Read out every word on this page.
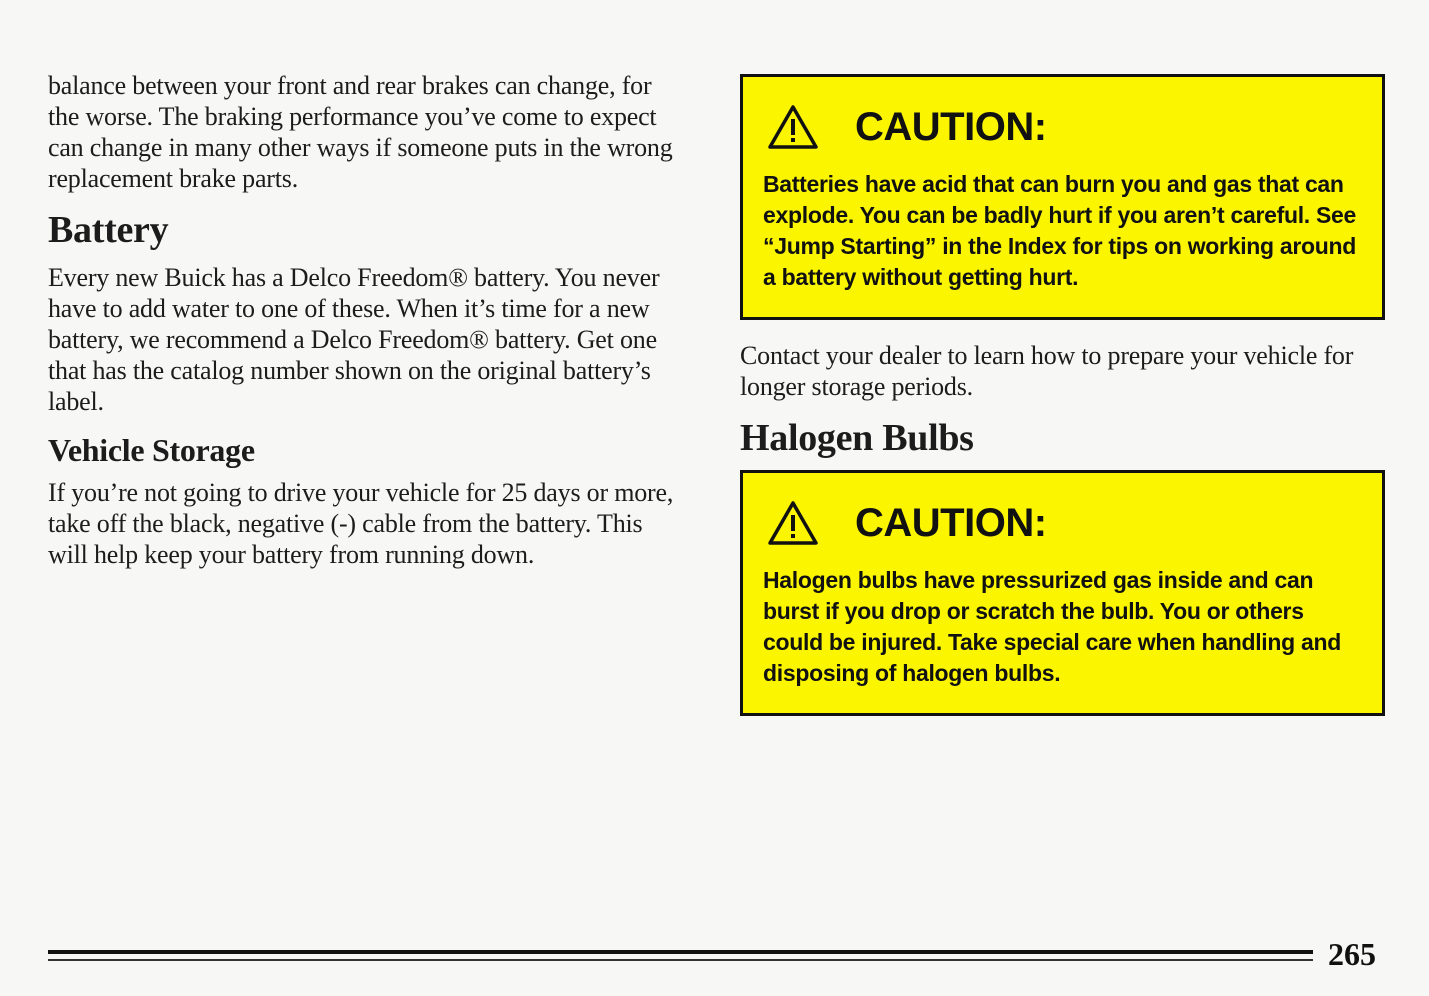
balance between your front and rear brakes can change, for the worse. The braking performance you’ve come to expect can change in many other ways if someone puts in the wrong replacement brake parts.

Battery

Every new Buick has a Delco Freedom® battery. You never have to add water to one of these. When it’s time for a new battery, we recommend a Delco Freedom® battery. Get one that has the catalog number shown on the original battery’s label.

Vehicle Storage

If you’re not going to drive your vehicle for 25 days or more, take off the black, negative (-) cable from the battery. This will help keep your battery from running down.

CAUTION:

Batteries have acid that can burn you and gas that can explode. You can be badly hurt if you aren’t careful. See “Jump Starting” in the Index for tips on working around a battery without getting hurt.

Contact your dealer to learn how to prepare your vehicle for longer storage periods.

Halogen Bulbs
CAUTION:

Halogen bulbs have pressurized gas inside and can burst if you drop or scratch the bulb. You or others could be injured. Take special care when handling and disposing of halogen bulbs.

265
